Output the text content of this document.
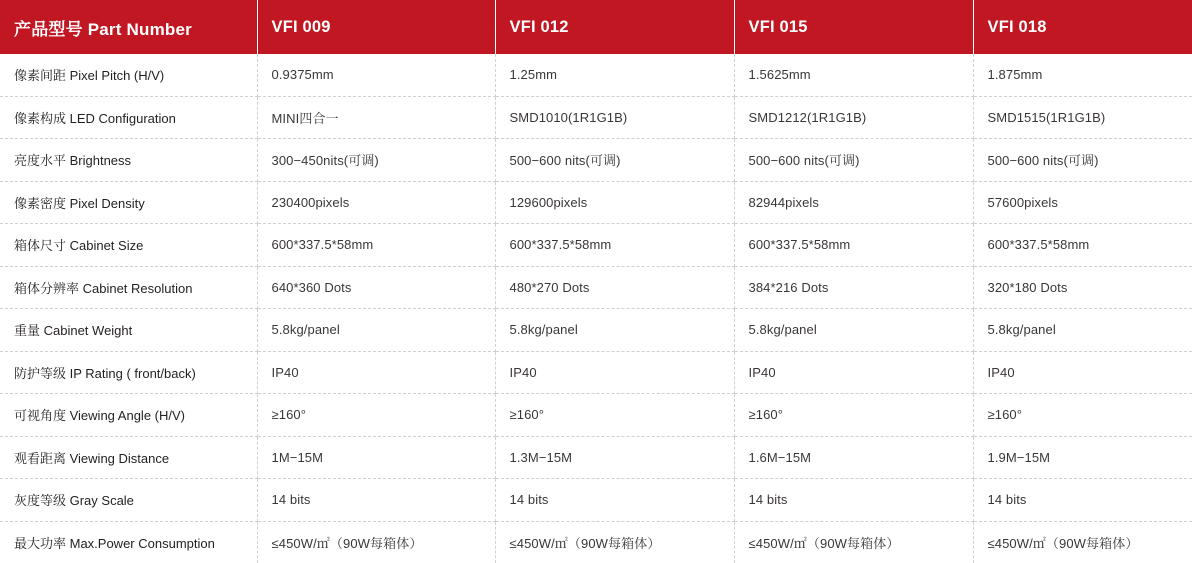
产品型号 Part Number	VFI 009	VFI 012	VFI 015	VFI 018
像素间距 Pixel Pitch (H/V)	0.9375mm	1.25mm	1.5625mm	1.875mm
像素构成 LED Configuration	MINI四合一	SMD1010(1R1G1B)	SMD1212(1R1G1B)	SMD1515(1R1G1B)
亮度水平 Brightness	300−450nits(可调)	500−600 nits(可调)	500−600 nits(可调)	500−600 nits(可调)
像素密度 Pixel Density	230400pixels	129600pixels	82944pixels	57600pixels
箱体尺寸 Cabinet Size	600*337.5*58mm	600*337.5*58mm	600*337.5*58mm	600*337.5*58mm
箱体分辨率 Cabinet Resolution	640*360 Dots	480*270 Dots	384*216 Dots	320*180 Dots
重量 Cabinet Weight	5.8kg/panel	5.8kg/panel	5.8kg/panel	5.8kg/panel
防护等级 IP Rating ( front/back)	IP40	IP40	IP40	IP40
可视角度 Viewing Angle (H/V)	≥160°	≥160°	≥160°	≥160°
观看距离 Viewing Distance	1M−15M	1.3M−15M	1.6M−15M	1.9M−15M
灰度等级 Gray Scale	14 bits	14 bits	14 bits	14 bits
最大功率 Max.Power Consumption	≤450W/㎡（90W每箱体）	≤450W/㎡（90W每箱体）	≤450W/㎡（90W每箱体）	≤450W/㎡（90W每箱体）
